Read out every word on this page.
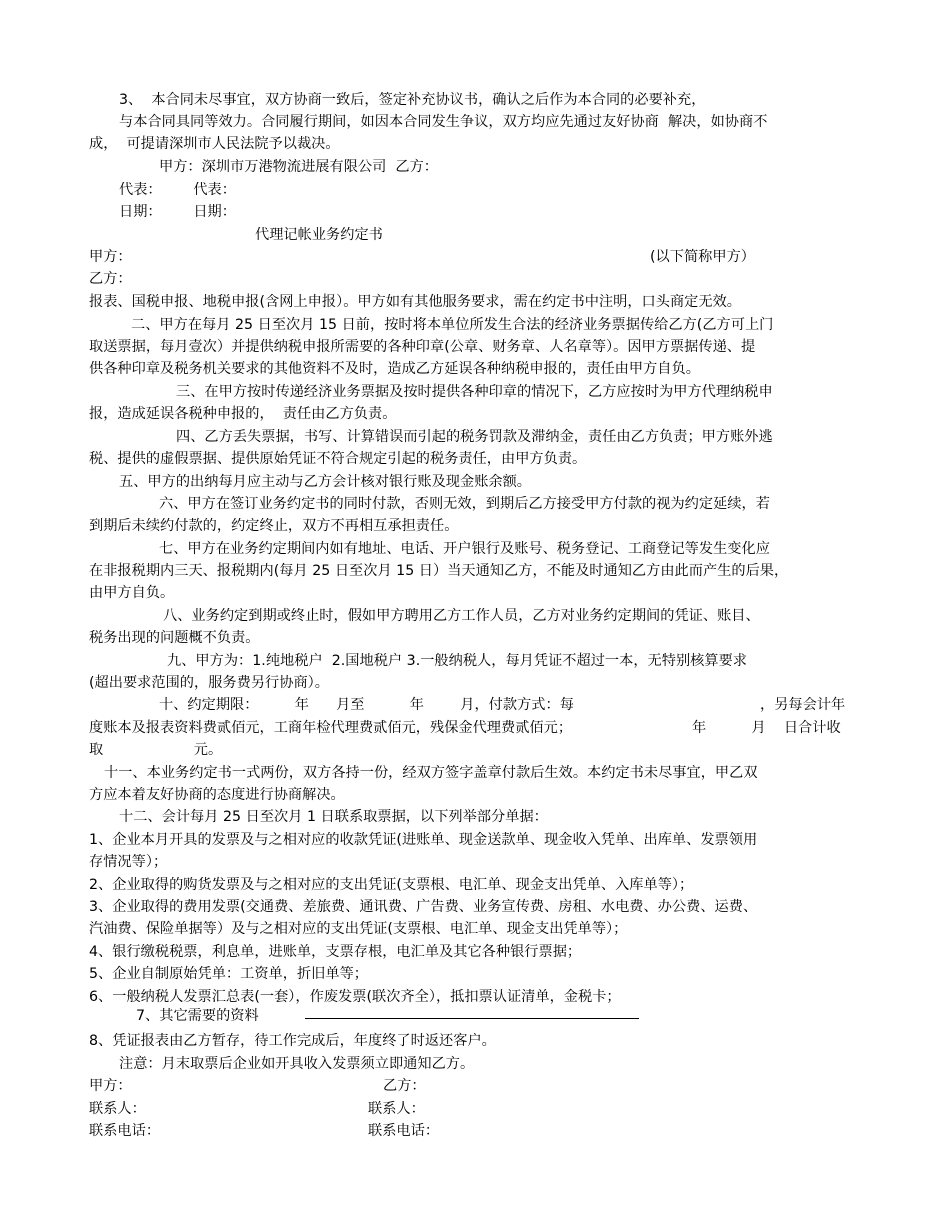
3、  本合同未尽事宜，双方协商一致后，签定补充协议书，确认之后作为本合同的必要补充，

与本合同具同等效力。合同履行期间，如因本合同发生争议，双方均应先通过友好协商  解决，如协商不

成，  可提请深圳市人民法院予以裁决。

甲方：深圳市万港物流进展有限公司  乙方：

代表：       代表：

日期：       日期：

代理记帐业务约定书

甲方：	(以下简称甲方）

乙方：

报表、国税申报、地税申报(含网上申报）。甲方如有其他服务要求，需在约定书中注明，口头商定无效。

二、甲方在每月 25 日至次月 15 日前，按时将本单位所发生合法的经济业务票据传给乙方(乙方可上门

取送票据，每月壹次）并提供纳税申报所需要的各种印章(公章、财务章、人名章等）。因甲方票据传递、提

供各种印章及税务机关要求的其他资料不及时，造成乙方延误各种纳税申报的，责任由甲方自负。

三、在甲方按时传递经济业务票据及按时提供各种印章的情况下，乙方应按时为甲方代理纳税申

报，造成延误各税种申报的，  责任由乙方负责。

四、乙方丢失票据，书写、计算错误而引起的税务罚款及滞纳金，责任由乙方负责；甲方账外逃

税、提供的虚假票据、提供原始凭证不符合规定引起的税务责任，由甲方负责。

五、甲方的出纳每月应主动与乙方会计核对银行账及现金账余额。

六、甲方在签订业务约定书的同时付款，否则无效，到期后乙方接受甲方付款的视为约定延续，若

到期后未续约付款的，约定终止，双方不再相互承担责任。

七、甲方在业务约定期间内如有地址、电话、开户银行及账号、税务登记、工商登记等发生变化应

在非报税期内三天、报税期内(每月 25 日至次月 15 日）当天通知乙方，不能及时通知乙方由此而产生的后果，

由甲方自负。

八、业务约定到期或终止时，假如甲方聘用乙方工作人员，乙方对业务约定期间的凭证、账目、

税务出现的问题概不负责。

九、甲方为：1.纯地税户  2.国地税户 3.一般纳税人，每月凭证不超过一本，无特别核算要求

(超出要求范围的，服务费另行协商）。

十、约定期限：        年      月至          年        月，付款方式：每	，另每会计年

度账本及报表资料费贰佰元，工商年检代理费贰佰元，残保金代理费贰佰元；	年          月    日合计收

取                    元。

十一、本业务约定书一式两份，双方各持一份，经双方签字盖章付款后生效。本约定书未尽事宜，甲乙双

方应本着友好协商的态度进行协商解决。

十二、会计每月 25 日至次月 1 日联系取票据，以下列举部分单据：

1、企业本月开具的发票及与之相对应的收款凭证(进账单、现金送款单、现金收入凭单、出库单、发票领用

存情况等）；

2、企业取得的购货发票及与之相对应的支出凭证(支票根、电汇单、现金支出凭单、入库单等）；

3、企业取得的费用发票(交通费、差旅费、通讯费、广告费、业务宣传费、房租、水电费、办公费、运费、

汽油费、保险单据等）及与之相对应的支出凭证(支票根、电汇单、现金支出凭单等）；

4、银行缴税税票，利息单，进账单，支票存根，电汇单及其它各种银行票据；

5、企业自制原始凭单：工资单，折旧单等；

6、一般纳税人发票汇总表(一套），作废发票(联次齐全），抵扣票认证清单，金税卡；

7、其它需要的资料

8、凭证报表由乙方暂存，待工作完成后，年度终了时返还客户。

注意：月末取票后企业如开具收入发票须立即通知乙方。

甲方：	乙方：

联系人：	联系人：

联系电话：	联系电话：
